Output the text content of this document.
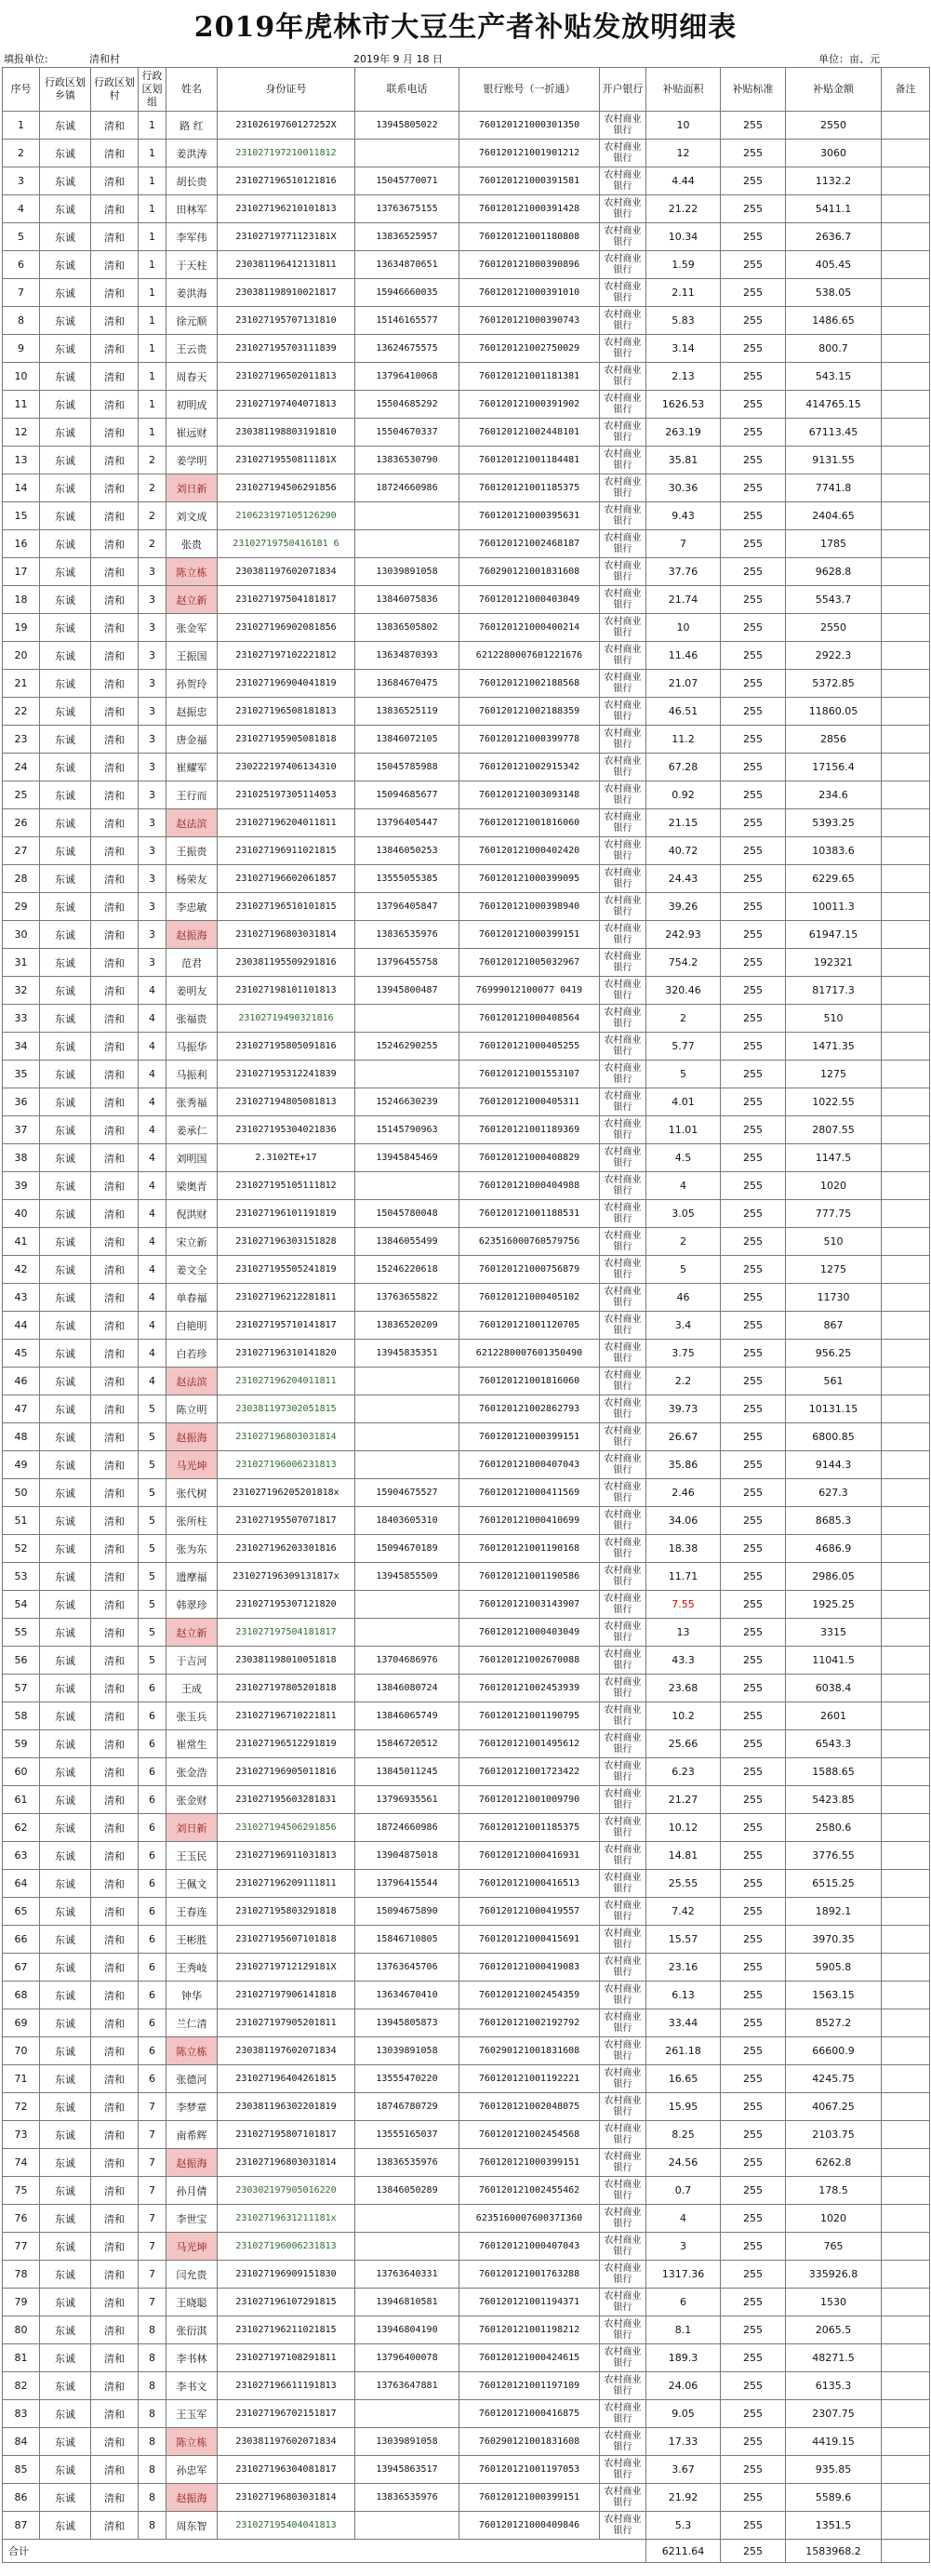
2019年虎林市大豆生产者补贴发放明细表
填报单位:	清和村	2019年 9 月 18 日	单位：亩、元
序号	行政区划乡镇	行政区划村	行政区划组	姓名	身份证号	联系电话	银行账号（一折通）	开户银行	补贴面积	补贴标准	补贴金额	备注
1	东诚	清和	1	路 红	23102619760127252X	13945805022	760120121000301350	农村商业银行	10	255	2550	
2	东诚	清和	1	姜洪涛	231027197210011812		760120121001901212	农村商业银行	12	255	3060	
3	东诚	清和	1	胡长贵	231027196510121816	15045770071	760120121000391581	农村商业银行	4.44	255	1132.2	
4	东诚	清和	1	田林军	231027196210101813	13763675155	760120121000391428	农村商业银行	21.22	255	5411.1	
5	东诚	清和	1	李军伟	23102719771123181X	13836525957	760120121001180808	农村商业银行	10.34	255	2636.7	
6	东诚	清和	1	于天柱	230381196412131811	13634870651	760120121000390896	农村商业银行	1.59	255	405.45	
7	东诚	清和	1	姜洪海	230381198910021817	15946660035	760120121000391010	农村商业银行	2.11	255	538.05	
8	东诚	清和	1	徐元顺	231027195707131810	15146165577	760120121000390743	农村商业银行	5.83	255	1486.65	
9	东诚	清和	1	王云贵	231027195703111839	13624675575	760120121002750029	农村商业银行	3.14	255	800.7	
10	东诚	清和	1	周春天	231027196502011813	13796410068	760120121001181381	农村商业银行	2.13	255	543.15	
11	东诚	清和	1	初明成	231027197404071813	15504685292	760120121000391902	农村商业银行	1626.53	255	414765.15	
12	东诚	清和	1	崔远财	230381198803191810	15504670337	760120121002448101	农村商业银行	263.19	255	67113.45	
13	东诚	清和	2	姜学明	23102719550811181X	13836530790	760120121001184481	农村商业银行	35.81	255	9131.55	
14	东诚	清和	2	刘日新	231027194506291856	18724660986	760120121001185375	农村商业银行	30.36	255	7741.8	
15	东诚	清和	2	刘文成	210623197105126290		760120121000395631	农村商业银行	9.43	255	2404.65	
16	东诚	清和	2	张贵	23102719750416181 6		760120121002468187	农村商业银行	7	255	1785	
17	东诚	清和	3	陈立栋	230381197602071834	13039891058	760290121001831608	农村商业银行	37.76	255	9628.8	
18	东诚	清和	3	赵立新	231027197504181817	13846075836	760120121000403049	农村商业银行	21.74	255	5543.7	
19	东诚	清和	3	张金军	231027196902081856	13836505802	760120121000400214	农村商业银行	10	255	2550	
20	东诚	清和	3	王振国	231027197102221812	13634870393	6212280007601221676	农村商业银行	11.46	255	2922.3	
21	东诚	清和	3	孙贺玲	231027196904041819	13684670475	760120121002188568	农村商业银行	21.07	255	5372.85	
22	东诚	清和	3	赵振忠	231027196508181813	13836525119	760120121002188359	农村商业银行	46.51	255	11860.05	
23	东诚	清和	3	唐金福	231027195905081818	13846072105	760120121000399778	农村商业银行	11.2	255	2856	
24	东诚	清和	3	崔耀军	230222197406134310	15045785988	760120121002915342	农村商业银行	67.28	255	17156.4	
25	东诚	清和	3	王行而	231025197305114053	15094685677	760120121003093148	农村商业银行	0.92	255	234.6	
26	东诚	清和	3	赵法滨	231027196204011811	13796405447	760120121001816060	农村商业银行	21.15	255	5393.25	
27	东诚	清和	3	王振贵	231027196911021815	13846050253	760120121000402420	农村商业银行	40.72	255	10383.6	
28	东诚	清和	3	杨荣友	231027196602061857	13555055385	760120121000399095	农村商业银行	24.43	255	6229.65	
29	东诚	清和	3	李忠敏	231027196510101815	13796405847	760120121000398940	农村商业银行	39.26	255	10011.3	
30	东诚	清和	3	赵振海	231027196803031814	13836535976	760120121000399151	农村商业银行	242.93	255	61947.15	
31	东诚	清和	3	范君	230381195509291816	13796455758	760120121005032967	农村商业银行	754.2	255	192321	
32	东诚	清和	4	姜明友	231027198101101813	13945800487	76999012100077 0419	农村商业银行	320.46	255	81717.3	
33	东诚	清和	4	张福贵	23102719490321816		760120121000408564	农村商业银行	2	255	510	
34	东诚	清和	4	马振华	231027195805091816	15246290255	760120121000405255	农村商业银行	5.77	255	1471.35	
35	东诚	清和	4	马振利	231027195312241839		760120121001553107	农村商业银行	5	255	1275	
36	东诚	清和	4	张秀福	231027194805081813	15246630239	760120121000405311	农村商业银行	4.01	255	1022.55	
37	东诚	清和	4	姜承仁	231027195304021836	15145790963	760120121001189369	农村商业银行	11.01	255	2807.55	
38	东诚	清和	4	刘明国	2.3102TE+17	13945845469	760120121000408829	农村商业银行	4.5	255	1147.5	
39	东诚	清和	4	梁奥青	231027195105111812		760120121000404988	农村商业银行	4	255	1020	
40	东诚	清和	4	倪洪财	231027196101191819	15045780048	760120121001188531	农村商业银行	3.05	255	777.75	
41	东诚	清和	4	宋立新	231027196303151828	13846055499	623516000760579756	农村商业银行	2	255	510	
42	东诚	清和	4	姜文全	231027195505241819	15246220618	760120121000756879	农村商业银行	5	255	1275	
43	东诚	清和	4	单春福	231027196212281811	13763655822	760120121000405102	农村商业银行	46	255	11730	
44	东诚	清和	4	白艳明	231027195710141817	13836520209	760120121001120705	农村商业银行	3.4	255	867	
45	东诚	清和	4	白若珍	231027196310141820	13945835351	6212280007601350490	农村商业银行	3.75	255	956.25	
46	东诚	清和	4	赵法滨	231027196204011811		760120121001816060	农村商业银行	2.2	255	561	
47	东诚	清和	5	陈立明	230381197302051815		760120121002862793	农村商业银行	39.73	255	10131.15	
48	东诚	清和	5	赵振海	231027196803031814		760120121000399151	农村商业银行	26.67	255	6800.85	
49	东诚	清和	5	马光坤	231027196006231813		760120121000407043	农村商业银行	35.86	255	9144.3	
50	东诚	清和	5	张代树	231027196205201818x	15904675527	760120121000411569	农村商业银行	2.46	255	627.3	
51	东诚	清和	5	张所柱	231027195507071817	18403605310	760120121000410699	农村商业银行	34.06	255	8685.3	
52	东诚	清和	5	张为东	231027196203301816	15094670189	760120121001190168	农村商业银行	18.38	255	4686.9	
53	东诚	清和	5	遗摩福	231027196309131817x	13945855509	760120121001190586	农村商业银行	11.71	255	2986.05	
54	东诚	清和	5	韩翠珍	231027195307121820		760120121003143907	农村商业银行	7.55	255	1925.25	
55	东诚	清和	5	赵立新	231027197504181817		760120121000403049	农村商业银行	13	255	3315	
56	东诚	清和	5	于吉河	230381198010051818	13704686976	760120121002670088	农村商业银行	43.3	255	11041.5	
57	东诚	清和	6	王成	231027197805201818	13846080724	760120121002453939	农村商业银行	23.68	255	6038.4	
58	东诚	清和	6	张玉兵	231027196710221811	13846065749	760120121001190795	农村商业银行	10.2	255	2601	
59	东诚	清和	6	崔常生	231027196512291819	15846720512	760120121001495612	农村商业银行	25.66	255	6543.3	
60	东诚	清和	6	张金浩	231027196905011816	13845011245	760120121001723422	农村商业银行	6.23	255	1588.65	
61	东诚	清和	6	张金财	231027195603281831	13796935561	760120121001009790	农村商业银行	21.27	255	5423.85	
62	东诚	清和	6	刘日新	231027194506291856	18724660986	760120121001185375	农村商业银行	10.12	255	2580.6	
63	东诚	清和	6	王玉民	231027196911031813	13904875018	760120121000416931	农村商业银行	14.81	255	3776.55	
64	东诚	清和	6	王佩文	231027196209111811	13796415544	760120121000416513	农村商业银行	25.55	255	6515.25	
65	东诚	清和	6	王春连	231027195803291818	15094675890	760120121000419557	农村商业银行	7.42	255	1892.1	
66	东诚	清和	6	王彬胜	231027195607101818	15846710805	760120121000415691	农村商业银行	15.57	255	3970.35	
67	东诚	清和	6	王秀岐	23102719712129181X	13763645706	760120121000419083	农村商业银行	23.16	255	5905.8	
68	东诚	清和	6	钟华	231027197906141818	13634670410	760120121002454359	农村商业银行	6.13	255	1563.15	
69	东诚	清和	6	兰仁清	231027197905201811	13945805873	760120121002192792	农村商业银行	33.44	255	8527.2	
70	东诚	清和	6	陈立栋	230381197602071834	13039891058	760290121001831608	农村商业银行	261.18	255	66600.9	
71	东诚	清和	6	张德河	231027196404261815	13555470220	760120121001192221	农村商业银行	16.65	255	4245.75	
72	东诚	清和	7	李梦章	230381196302201819	18746780729	760120121002048075	农村商业银行	15.95	255	4067.25	
73	东诚	清和	7	南希辉	231027195807101817	13555165037	760120121002454568	农村商业银行	8.25	255	2103.75	
74	东诚	清和	7	赵振海	231027196803031814	13836535976	760120121000399151	农村商业银行	24.56	255	6262.8	
75	东诚	清和	7	孙月倩	230302197905016220	13846050289	760120121002455462	农村商业银行	0.7	255	178.5	
76	东诚	清和	7	李世宝	23102719631211181x		623516000760037I360	农村商业银行	4	255	1020	
77	东诚	清和	7	马光坤	231027196006231813		760120121000407043	农村商业银行	3	255	765	
78	东诚	清和	7	闫允贵	231027196909151830	13763640331	760120121001763288	农村商业银行	1317.36	255	335926.8	
79	东诚	清和	7	王晓聪	231027196107291815	13946810581	760120121001194371	农村商业银行	6	255	1530	
80	东诚	清和	8	张衍淇	231027196211021815	13946804190	760120121001198212	农村商业银行	8.1	255	2065.5	
81	东诚	清和	8	李书林	231027197108291811	13796400078	760120121000424615	农村商业银行	189.3	255	48271.5	
82	东诚	清和	8	李书文	231027196611191813	13763647881	760120121001197109	农村商业银行	24.06	255	6135.3	
83	东诚	清和	8	王玉军	231027196702151817		760120121000416875	农村商业银行	9.05	255	2307.75	
84	东诚	清和	8	陈立栋	230381197602071834	13039891058	760290121001831608	农村商业银行	17.33	255	4419.15	
85	东诚	清和	8	孙忠军	231027196304081817	13945863517	760120121001197053	农村商业银行	3.67	255	935.85	
86	东诚	清和	8	赵振海	231027196803031814	13836535976	760120121000399151	农村商业银行	21.92	255	5589.6	
87	东诚	清和	8	周东智	231027195404041813		760120121000409846	农村商业银行	5.3	255	1351.5	
合计									6211.64	255	1583968.2	
